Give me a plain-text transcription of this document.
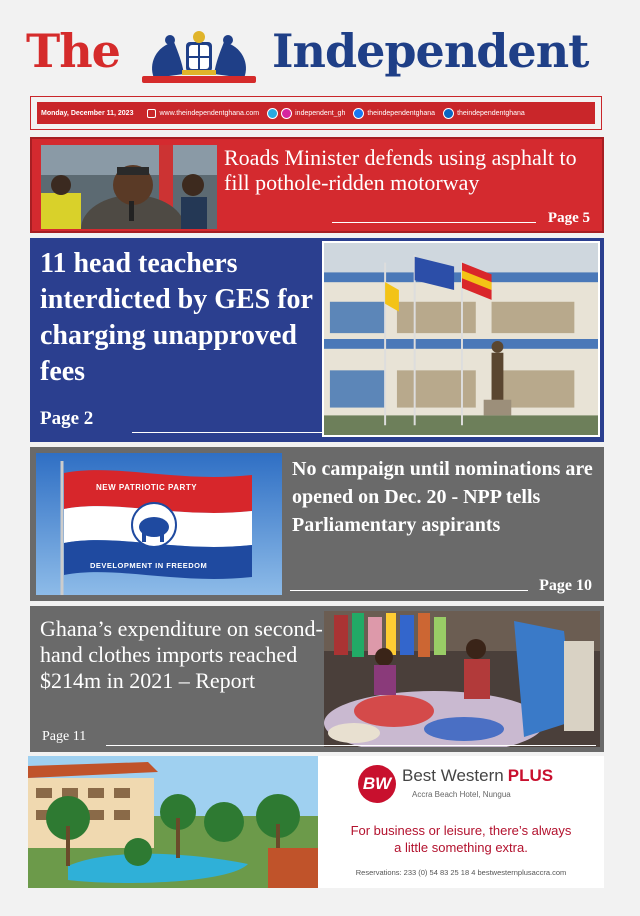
The	Independent
Monday, December 11, 2023	www.theindependentghana.com	independent_gh	theindependentghana	theindependentghana
Roads Minister defends using asphalt to fill pothole-ridden motorway
Page 5
11 head teachers interdicted by GES for charging unapproved fees
Page 2
NEW PATRIOTIC PARTY
DEVELOPMENT IN FREEDOM
No campaign until nominations are opened on Dec. 20 - NPP tells Parliamentary aspirants
Page 10
Ghana’s expenditure on second-hand clothes imports reached $214m in 2021 – Report
Page 11
BW Best Western PLUS
Accra Beach Hotel, Nungua
For business or leisure, there’s always
a little something extra.
Reservations: 233 (0) 54 83 25 18 4 bestwesternplusaccra.com
